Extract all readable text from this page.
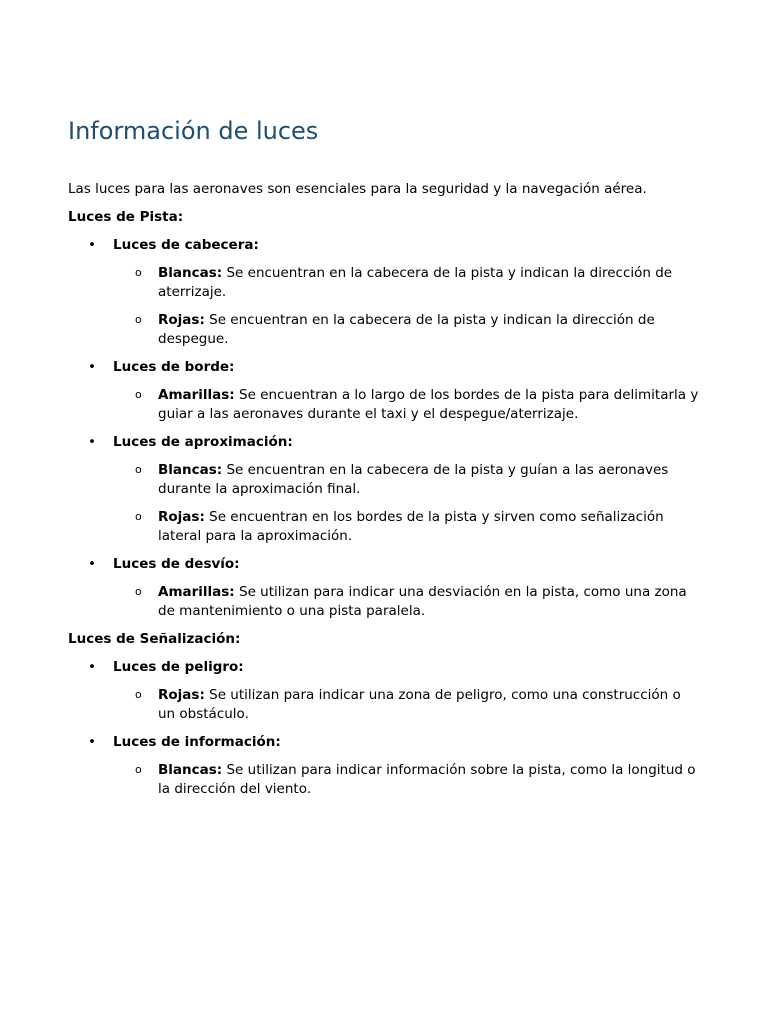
Información de luces

Las luces para las aeronaves son esenciales para la seguridad y la navegación aérea.

Luces de Pista:

• Luces de cabecera:
o Blancas: Se encuentran en la cabecera de la pista y indican la dirección de aterrizaje.
o Rojas: Se encuentran en la cabecera de la pista y indican la dirección de despegue.
• Luces de borde:
o Amarillas: Se encuentran a lo largo de los bordes de la pista para delimitarla y guiar a las aeronaves durante el taxi y el despegue/aterrizaje.
• Luces de aproximación:
o Blancas: Se encuentran en la cabecera de la pista y guían a las aeronaves durante la aproximación final.
o Rojas: Se encuentran en los bordes de la pista y sirven como señalización lateral para la aproximación.
• Luces de desvío:
o Amarillas: Se utilizan para indicar una desviación en la pista, como una zona de mantenimiento o una pista paralela.

Luces de Señalización:

• Luces de peligro:
o Rojas: Se utilizan para indicar una zona de peligro, como una construcción o un obstáculo.
• Luces de información:
o Blancas: Se utilizan para indicar información sobre la pista, como la longitud o la dirección del viento.
